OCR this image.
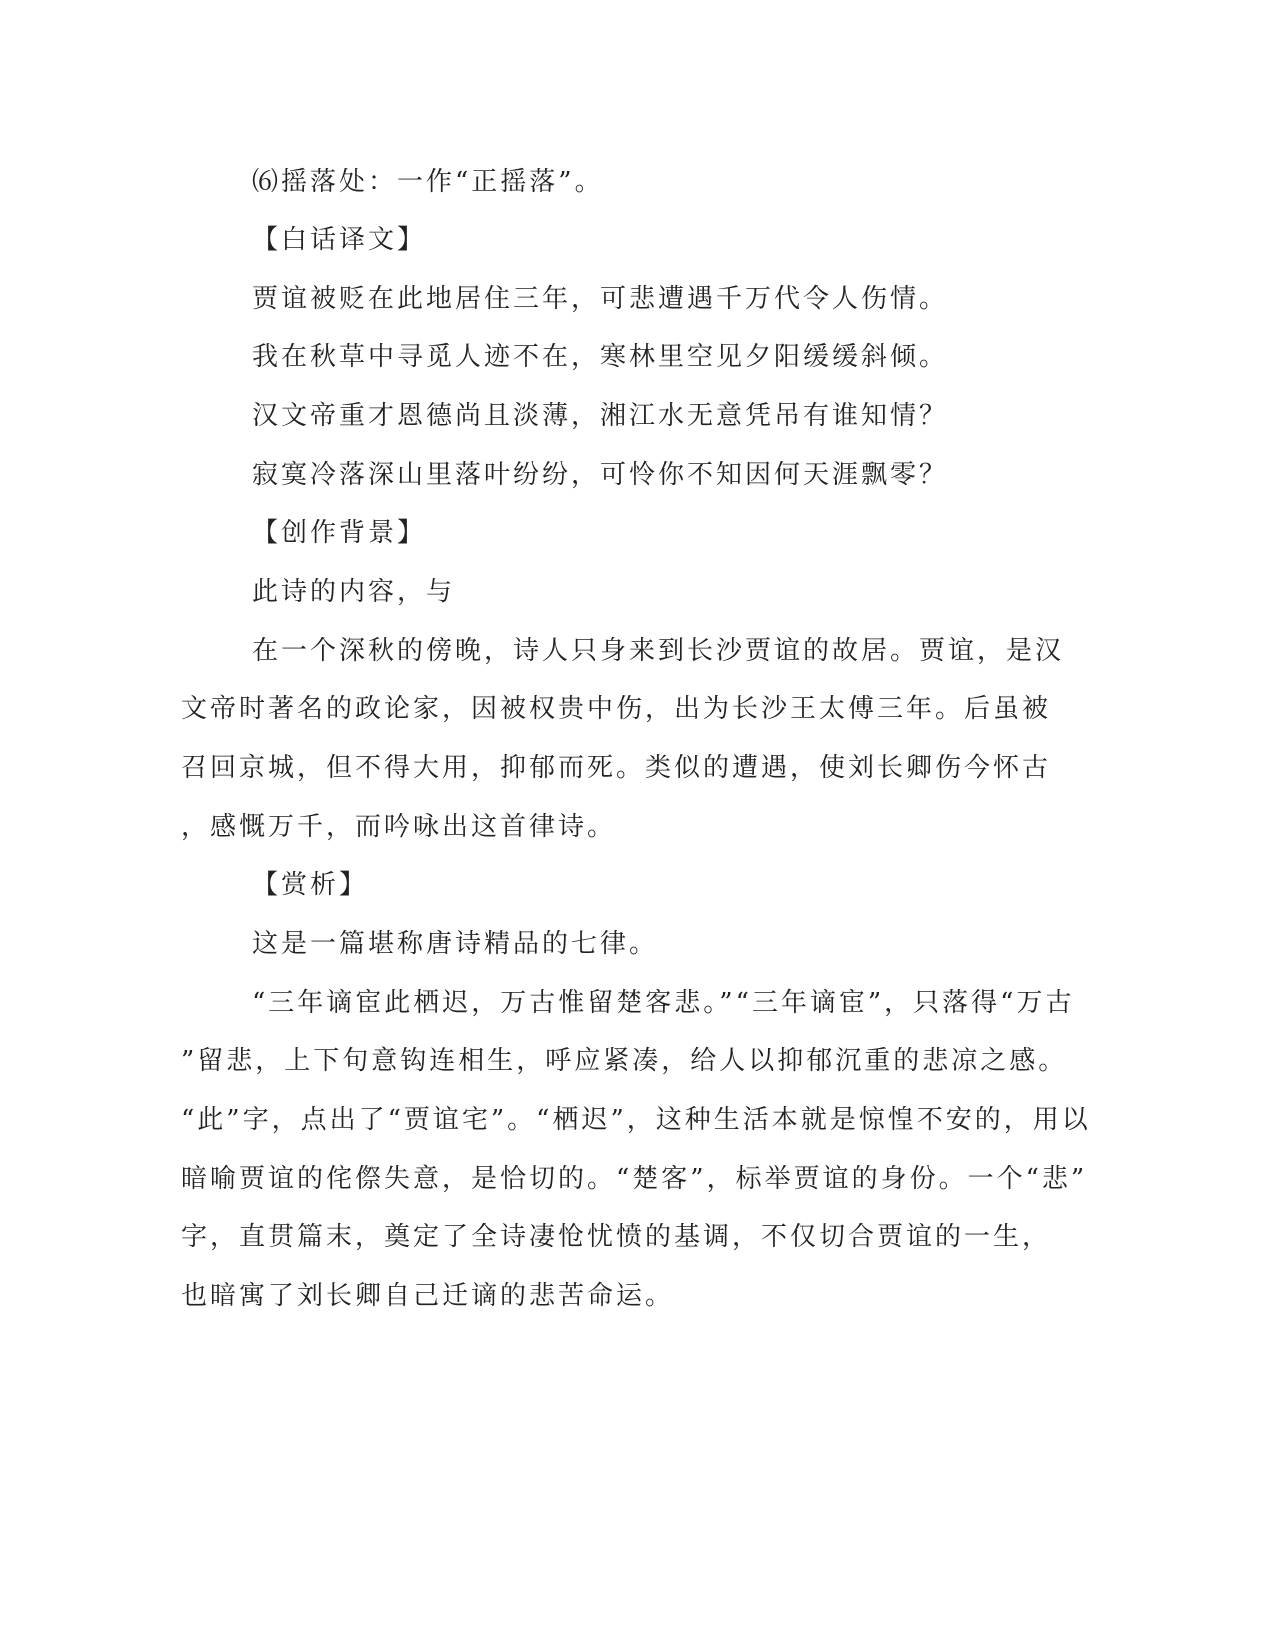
⑹摇落处：一作“正摇落”。
【白话译文】
贾谊被贬在此地居住三年，可悲遭遇千万代令人伤情。
我在秋草中寻觅人迹不在，寒林里空见夕阳缓缓斜倾。
汉文帝重才恩德尚且淡薄，湘江水无意凭吊有谁知情？
寂寞冷落深山里落叶纷纷，可怜你不知因何天涯飘零？
【创作背景】
此诗的内容，与
在一个深秋的傍晚，诗人只身来到长沙贾谊的故居。贾谊，是汉
文帝时著名的政论家，因被权贵中伤，出为长沙王太傅三年。后虽被
召回京城，但不得大用，抑郁而死。类似的遭遇，使刘长卿伤今怀古
，感慨万千，而吟咏出这首律诗。
【赏析】
这是一篇堪称唐诗精品的七律。
“三年谪宦此栖迟，万古惟留楚客悲。”“三年谪宦”，只落得“万古
”留悲，上下句意钩连相生，呼应紧凑，给人以抑郁沉重的悲凉之感。
“此”字，点出了“贾谊宅”。“栖迟”，这种生活本就是惊惶不安的，用以
暗喻贾谊的侘傺失意，是恰切的。“楚客”，标举贾谊的身份。一个“悲”
字，直贯篇末，奠定了全诗凄怆忧愤的基调，不仅切合贾谊的一生，
也暗寓了刘长卿自己迁谪的悲苦命运。
